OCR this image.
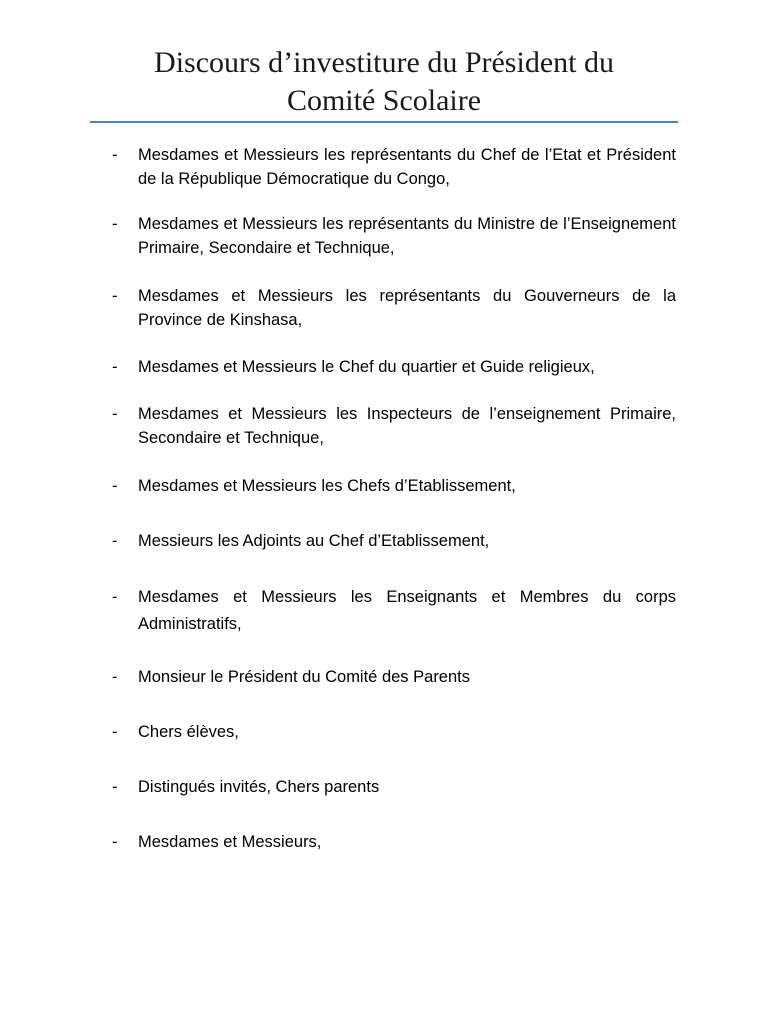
Discours d’investiture du Président du
Comité Scolaire
-	Mesdames et Messieurs les représentants du Chef de l’Etat et Président de la République Démocratique du Congo,
-	Mesdames et Messieurs les représentants du Ministre de l’Enseignement Primaire, Secondaire et Technique,
-	Mesdames et Messieurs les représentants du Gouverneurs de la Province de Kinshasa,
-	Mesdames et Messieurs le Chef du quartier et Guide religieux,
-	Mesdames et Messieurs les Inspecteurs de l’enseignement Primaire, Secondaire et Technique,
-	Mesdames et Messieurs les Chefs d’Etablissement,
-	Messieurs les Adjoints au Chef d’Etablissement,
-	Mesdames et Messieurs les Enseignants et Membres du corps Administratifs,
-	Monsieur le Président du Comité des Parents
-	Chers élèves,
-	Distingués invités, Chers parents
-	Mesdames et Messieurs,
